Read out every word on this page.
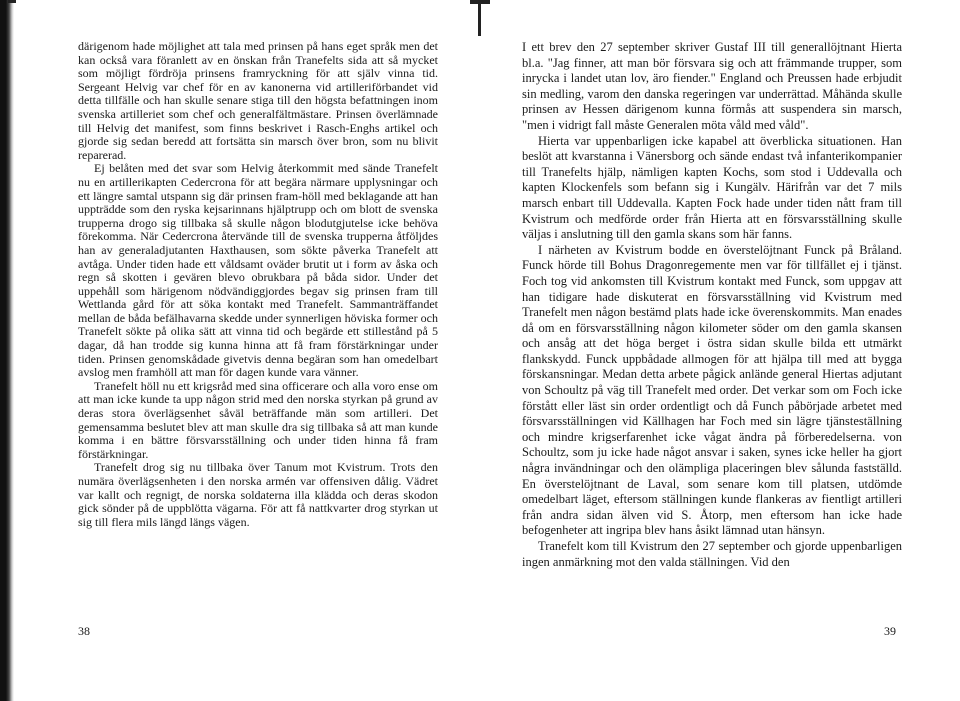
därigenom hade möjlighet att tala med prinsen på hans eget språk men det kan också vara föranlett av en önskan från Tranefelts sida att så mycket som möjligt fördröja prinsens framryckning för att själv vinna tid. Sergeant Helvig var chef för en av kanonerna vid artilleriförbandet vid detta tillfälle och han skulle senare stiga till den högsta befattningen inom svenska artilleriet som chef och generalfältmästare. Prinsen överlämnade till Helvig det manifest, som finns beskrivet i Rasch-Enghs artikel och gjorde sig sedan beredd att fortsätta sin marsch över bron, som nu blivit reparerad.

Ej belåten med det svar som Helvig återkommit med sände Tranefelt nu en artillerikapten Cedercrona för att begära närmare upplysningar och ett längre samtal utspann sig där prinsen fram-höll med beklagande att han uppträdde som den ryska kejsarinnans hjälptrupp och om blott de svenska trupperna drogo sig tillbaka så skulle någon blodutgjutelse icke behöva förekomma. När Cedercrona återvände till de svenska trupperna åtföljdes han av generaladjutanten Haxthausen, som sökte påverka Tranefelt att avtåga. Under tiden hade ett våldsamt oväder brutit ut i form av åska och regn så skotten i gevären blevo obrukbara på båda sidor. Under det uppehåll som härigenom nödvändiggjordes begav sig prinsen fram till Wettlanda gård för att söka kontakt med Tranefelt. Sammanträffandet mellan de båda befälhavarna skedde under synnerligen höviska former och Tranefelt sökte på olika sätt att vinna tid och begärde ett stillestånd på 5 dagar, då han trodde sig kunna hinna att få fram förstärkningar under tiden. Prinsen genomskådade givetvis denna begäran som han omedelbart avslog men framhöll att man för dagen kunde vara vänner.

Tranefelt höll nu ett krigsråd med sina officerare och alla voro ense om att man icke kunde ta upp någon strid med den norska styrkan på grund av deras stora överlägsenhet såväl beträffande män som artilleri. Det gemensamma beslutet blev att man skulle dra sig tillbaka så att man kunde komma i en bättre försvarsställning och under tiden hinna få fram förstärkningar.

Tranefelt drog sig nu tillbaka över Tanum mot Kvistrum. Trots den numära överlägsenheten i den norska armén var offensiven dålig. Vädret var kallt och regnigt, de norska soldaterna illa klädda och deras skodon gick sönder på de uppblötta vägarna. För att få nattkvarter drog styrkan ut sig till flera mils längd längs vägen.

I ett brev den 27 september skriver Gustaf III till generallöjtnant Hierta bl.a. "Jag finner, att man bör försvara sig och att främmande trupper, som inrycka i landet utan lov, äro fiender." England och Preussen hade erbjudit sin medling, varom den danska regeringen var underrättad. Måhända skulle prinsen av Hessen därigenom kunna förmås att suspendera sin marsch, "men i vidrigt fall måste Generalen möta våld med våld".

Hierta var uppenbarligen icke kapabel att överblicka situationen. Han beslöt att kvarstanna i Vänersborg och sände endast två infanterikompanier till Tranefelts hjälp, nämligen kapten Kochs, som stod i Uddevalla och kapten Klockenfels som befann sig i Kungälv. Härifrån var det 7 mils marsch enbart till Uddevalla. Kapten Fock hade under tiden nått fram till Kvistrum och medförde order från Hierta att en försvarsställning skulle väljas i anslutning till den gamla skans som här fanns.

I närheten av Kvistrum bodde en överstelöjtnant Funck på Bråland. Funck hörde till Bohus Dragonregemente men var för tillfället ej i tjänst. Foch tog vid ankomsten till Kvistrum kontakt med Funck, som uppgav att han tidigare hade diskuterat en försvarsställning vid Kvistrum med Tranefelt men någon bestämd plats hade icke överenskommits. Man enades då om en försvarsställning någon kilometer söder om den gamla skansen och ansåg att det höga berget i östra sidan skulle bilda ett utmärkt flankskydd. Funck uppbådade allmogen för att hjälpa till med att bygga förskansningar. Medan detta arbete pågick anlände general Hiertas adjutant von Schoultz på väg till Tranefelt med order. Det verkar som om Foch icke förstått eller läst sin order ordentligt och då Funch påbörjade arbetet med försvarsställningen vid Källhagen har Foch med sin lägre tjänsteställning och mindre krigserfarenhet icke vågat ändra på förberedelserna. von Schoultz, som ju icke hade något ansvar i saken, synes icke heller ha gjort några invändningar och den olämpliga placeringen blev sålunda fastställd. En överstelöjtnant de Laval, som senare kom till platsen, utdömde omedelbart läget, eftersom ställningen kunde flankeras av fientligt artilleri från andra sidan älven vid S. Åtorp, men eftersom han icke hade befogenheter att ingripa blev hans åsikt lämnad utan hänsyn.

Tranefelt kom till Kvistrum den 27 september och gjorde uppenbarligen ingen anmärkning mot den valda ställningen. Vid den

38	39
